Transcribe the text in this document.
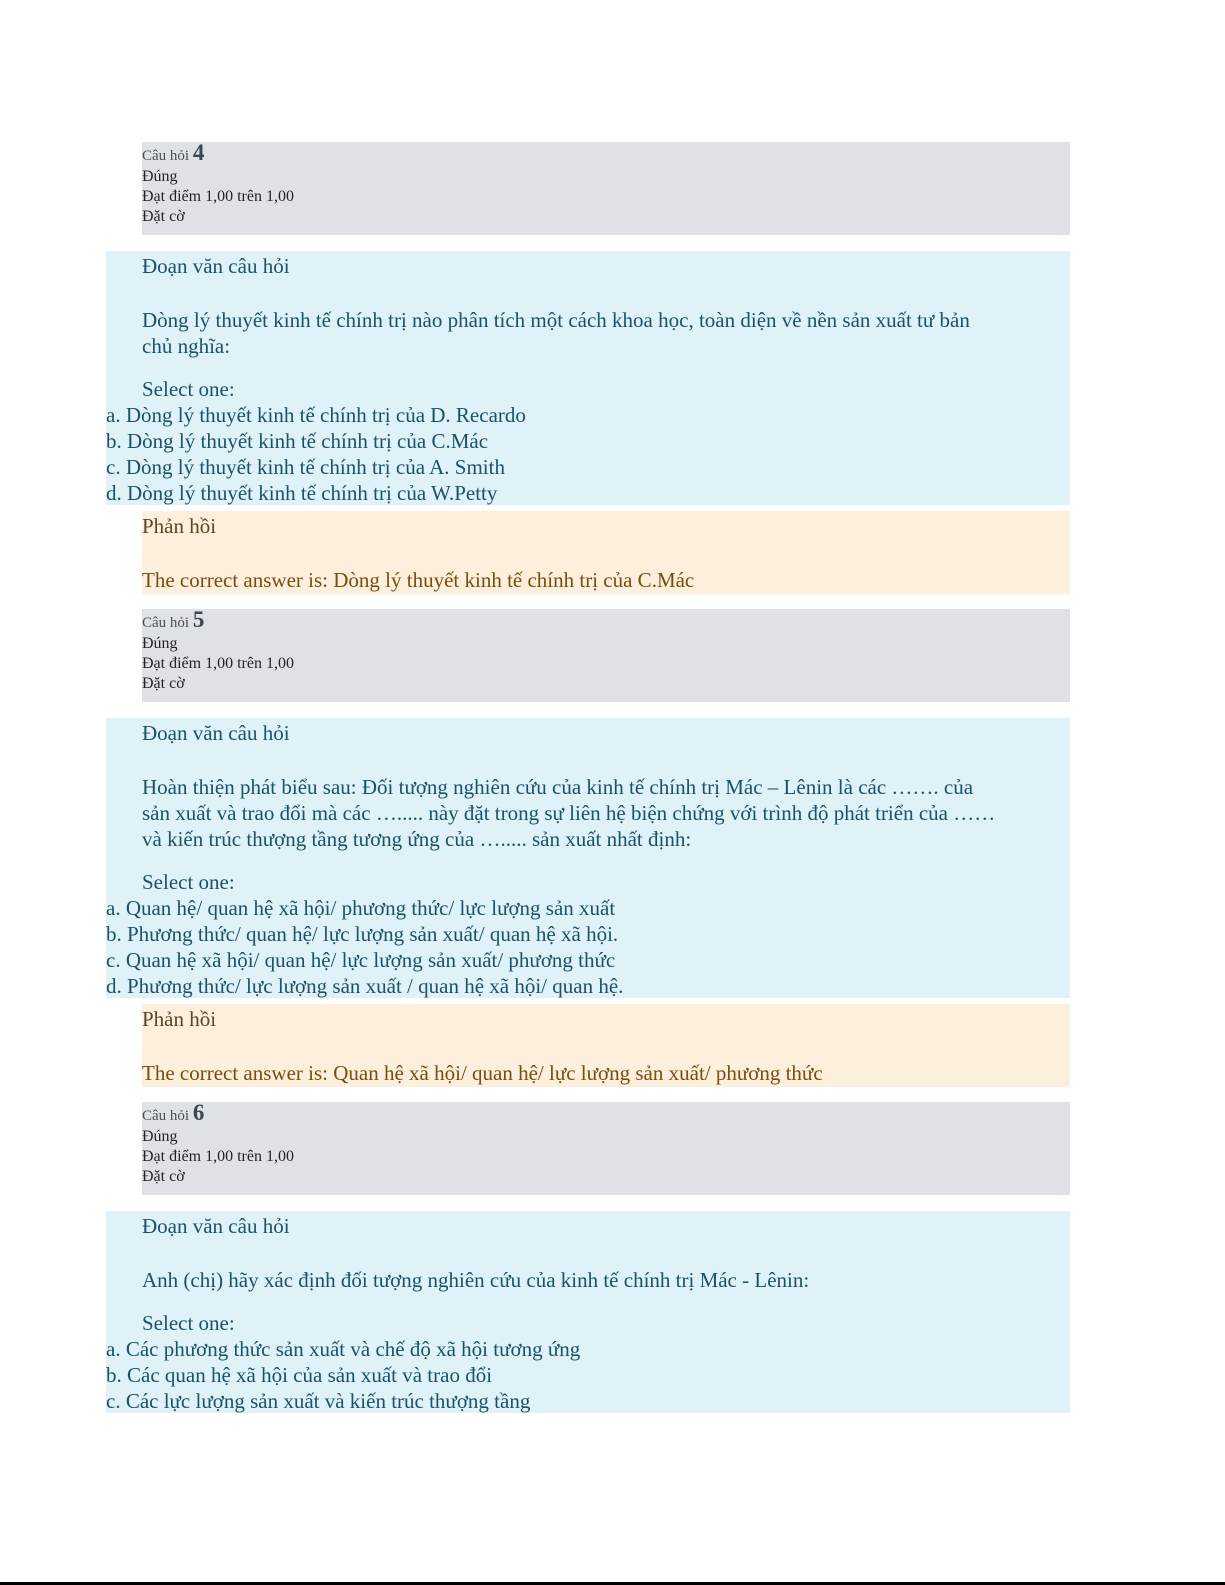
Câu hỏi 4
Đúng
Đạt điểm 1,00 trên 1,00
Đặt cờ
Đoạn văn câu hỏi
Dòng lý thuyết kinh tế chính trị nào phân tích một cách khoa học, toàn diện về nền sản xuất tư bản
chủ nghĩa:
Select one:
a. Dòng lý thuyết kinh tế chính trị của D. Recardo
b. Dòng lý thuyết kinh tế chính trị của C.Mác
c. Dòng lý thuyết kinh tế chính trị của A. Smith
d. Dòng lý thuyết kinh tế chính trị của W.Petty
Phản hồi
The correct answer is: Dòng lý thuyết kinh tế chính trị của C.Mác
Câu hỏi 5
Đúng
Đạt điểm 1,00 trên 1,00
Đặt cờ
Đoạn văn câu hỏi
Hoàn thiện phát biểu sau: Đối tượng nghiên cứu của kinh tế chính trị Mác – Lênin là các ……. của
sản xuất và trao đổi mà các …..... này đặt trong sự liên hệ biện chứng với trình độ phát triển của ……
và kiến trúc thượng tầng tương ứng của …..... sản xuất nhất định:
Select one:
a. Quan hệ/ quan hệ xã hội/ phương thức/ lực lượng sản xuất
b. Phương thức/ quan hệ/ lực lượng sản xuất/ quan hệ xã hội.
c. Quan hệ xã hội/ quan hệ/ lực lượng sản xuất/ phương thức
d. Phương thức/ lực lượng sản xuất / quan hệ xã hội/ quan hệ.
Phản hồi
The correct answer is: Quan hệ xã hội/ quan hệ/ lực lượng sản xuất/ phương thức
Câu hỏi 6
Đúng
Đạt điểm 1,00 trên 1,00
Đặt cờ
Đoạn văn câu hỏi
Anh (chị) hãy xác định đối tượng nghiên cứu của kinh tế chính trị Mác - Lênin:
Select one:
a. Các phương thức sản xuất và chế độ xã hội tương ứng
b. Các quan hệ xã hội của sản xuất và trao đổi
c. Các lực lượng sản xuất và kiến trúc thượng tầng
